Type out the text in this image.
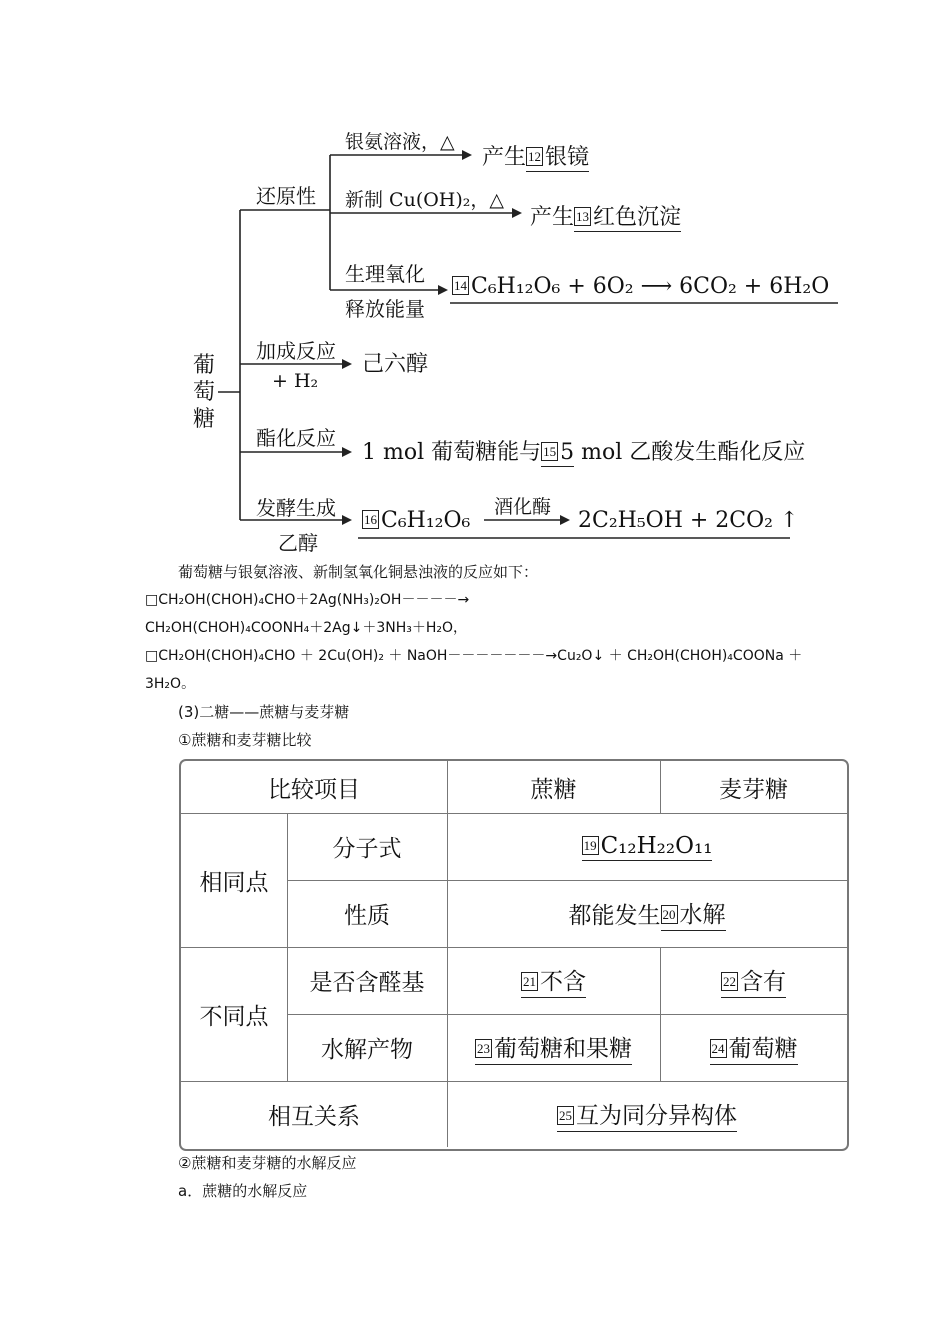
葡萄糖
还原性
银氨溶液，△
产生 12 银镜
新制 Cu(OH)₂，△
产生 13 红色沉淀
生理氧化
释放能量
14 C₆H₁₂O₆ + 6O₂ ⟶ 6CO₂ + 6H₂O
加成反应
+ H₂
己六醇
酯化反应
1 mol 葡萄糖能与 15 5 mol 乙酸发生酯化反应
发酵生成
乙醇
16 C₆H₁₂O₆
酒化酶
2C₂H₅OH + 2CO₂ ↑
葡萄糖与银氨溶液、新制氢氧化铜悬浊液的反应如下：
□CH₂OH(CHOH)₄CHO＋2Ag(NH₃)₂OH－－－－→
CH₂OH(CHOH)₄COONH₄＋2Ag↓＋3NH₃＋H₂O，
□CH₂OH(CHOH)₄CHO ＋ 2Cu(OH)₂ ＋ NaOH－－－－－－－→Cu₂O↓ ＋ CH₂OH(CHOH)₄COONa ＋
3H₂O。
(3)二糖——蔗糖与麦芽糖
①蔗糖和麦芽糖比较
比较项目	蔗糖	麦芽糖
相同点
分子式	19 C₁₂H₂₂O₁₁
性质	都能发生 20 水解
不同点
是否含醛基	21 不含	22 含有
水解产物	23 葡萄糖和果糖	24 葡萄糖
相互关系	25 互为同分异构体
②蔗糖和麦芽糖的水解反应
a．蔗糖的水解反应
